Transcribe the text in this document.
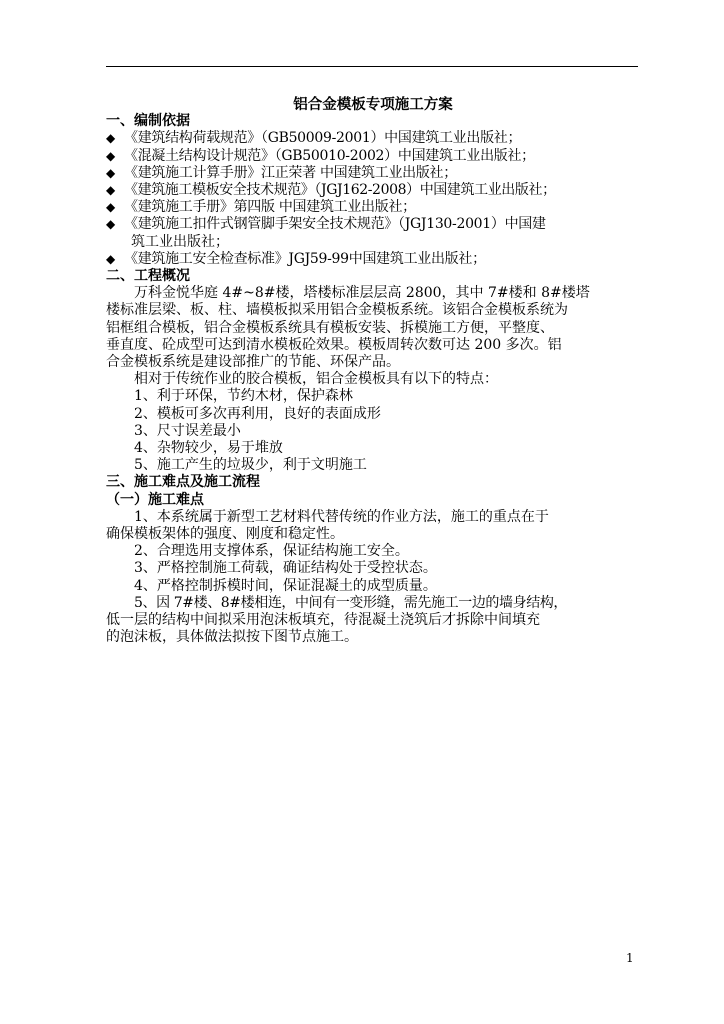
铝合金模板专项施工方案
一、编制依据
◆ 《建筑结构荷载规范》（GB50009-2001）中国建筑工业出版社；
◆ 《混凝土结构设计规范》（GB50010-2002）中国建筑工业出版社；
◆ 《建筑施工计算手册》江正荣著 中国建筑工业出版社；
◆ 《建筑施工模板安全技术规范》（JGJ162-2008）中国建筑工业出版社；
◆ 《建筑施工手册》第四版 中国建筑工业出版社；
◆ 《建筑施工扣件式钢管脚手架安全技术规范》（JGJ130-2001）中国建
筑工业出版社；
◆ 《建筑施工安全检查标准》JGJ59-99中国建筑工业出版社；
二、工程概况
万科金悦华庭 4#~8#楼，塔楼标准层层高 2800，其中 7#楼和 8#楼塔
楼标准层梁、板、柱、墙模板拟采用铝合金模板系统。该铝合金模板系统为
铝框组合模板，铝合金模板系统具有模板安装、拆模施工方便，平整度、
垂直度、砼成型可达到清水模板砼效果。模板周转次数可达 200 多次。铝
合金模板系统是建设部推广的节能、环保产品。
相对于传统作业的胶合模板，铝合金模板具有以下的特点：
1、利于环保，节约木材，保护森林
2、模板可多次再利用，良好的表面成形
3、尺寸误差最小
4、杂物较少，易于堆放
5、施工产生的垃圾少，利于文明施工
三、施工难点及施工流程
（一）施工难点
1、本系统属于新型工艺材料代替传统的作业方法，施工的重点在于
确保模板架体的强度、刚度和稳定性。
2、合理选用支撑体系，保证结构施工安全。
3、严格控制施工荷载，确证结构处于受控状态。
4、严格控制拆模时间，保证混凝土的成型质量。
5、因 7#楼、8#楼相连，中间有一变形缝，需先施工一边的墙身结构，
低一层的结构中间拟采用泡沫板填充，待混凝土浇筑后才拆除中间填充
的泡沫板，具体做法拟按下图节点施工。
1
